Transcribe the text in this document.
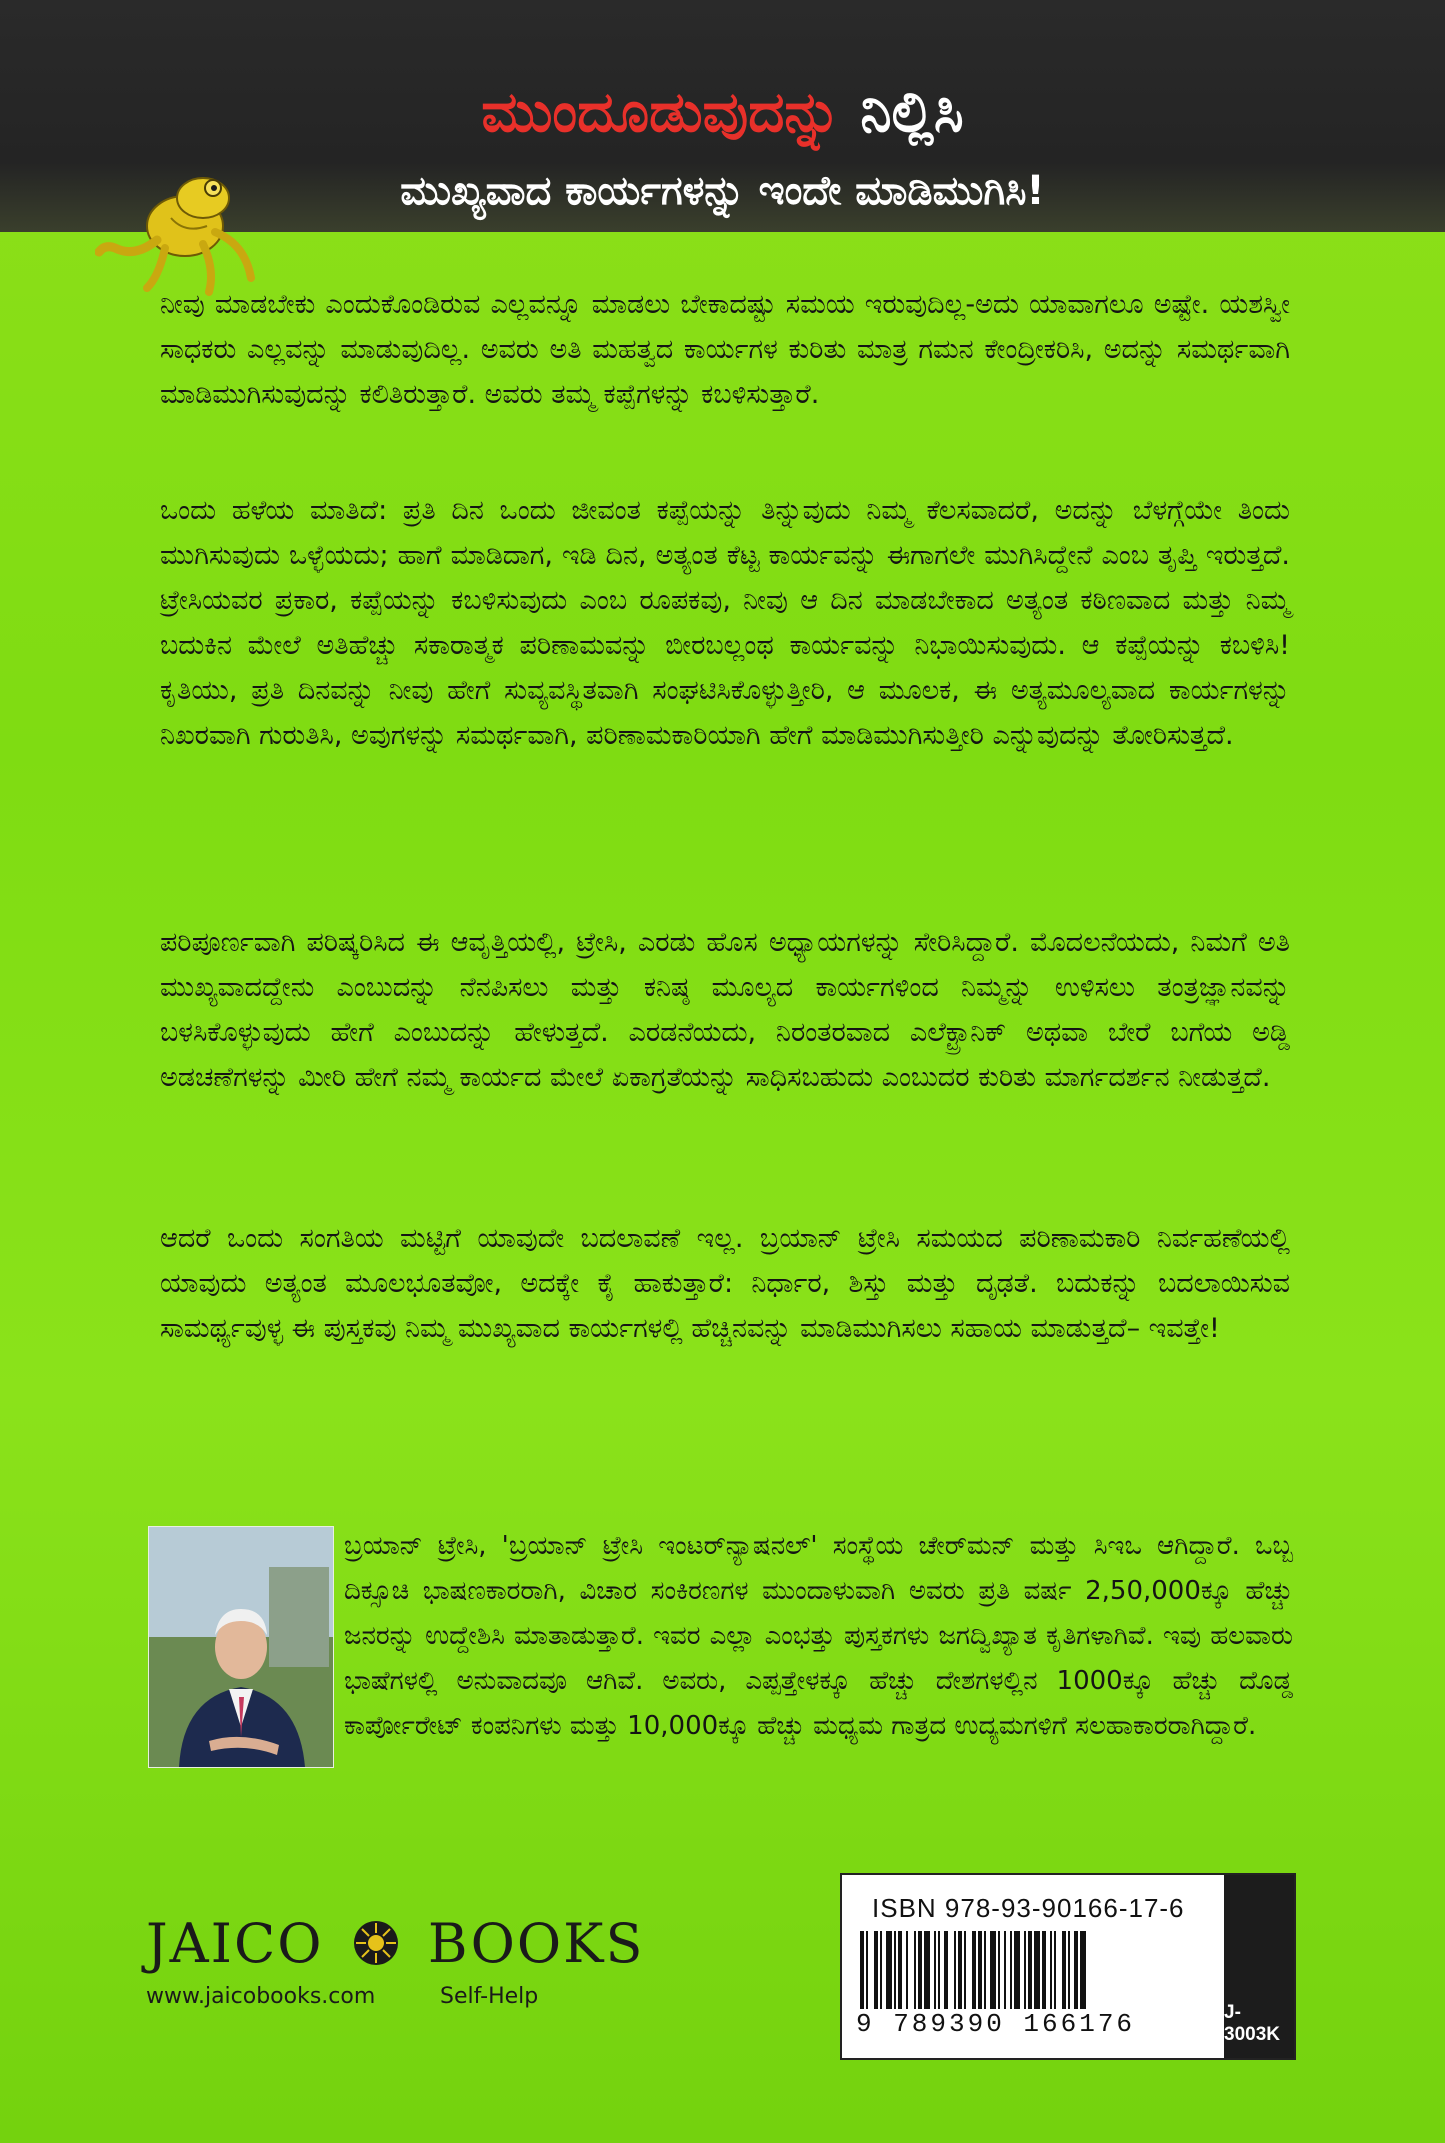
ಮುಂದೂಡುವುದನ್ನು ನಿಲ್ಲಿಸಿ
ಮುಖ್ಯವಾದ ಕಾರ್ಯಗಳನ್ನು ಇಂದೇ ಮಾಡಿಮುಗಿಸಿ!
ನೀವು ಮಾಡಬೇಕು ಎಂದುಕೊಂಡಿರುವ ಎಲ್ಲವನ್ನೂ ಮಾಡಲು ಬೇಕಾದಷ್ಟು ಸಮಯ ಇರುವುದಿಲ್ಲ-ಅದು ಯಾವಾಗಲೂ ಅಷ್ಟೇ. ಯಶಸ್ವೀ ಸಾಧಕರು ಎಲ್ಲವನ್ನು ಮಾಡುವುದಿಲ್ಲ. ಅವರು ಅತಿ ಮಹತ್ವದ ಕಾರ್ಯಗಳ ಕುರಿತು ಮಾತ್ರ ಗಮನ ಕೇಂದ್ರೀಕರಿಸಿ, ಅದನ್ನು ಸಮರ್ಥವಾಗಿ ಮಾಡಿಮುಗಿಸುವುದನ್ನು ಕಲಿತಿರುತ್ತಾರೆ. ಅವರು ತಮ್ಮ ಕಪ್ಪೆಗಳನ್ನು ಕಬಳಿಸುತ್ತಾರೆ.
ಒಂದು ಹಳೆಯ ಮಾತಿದೆ: ಪ್ರತಿ ದಿನ ಒಂದು ಜೀವಂತ ಕಪ್ಪೆಯನ್ನು ತಿನ್ನುವುದು ನಿಮ್ಮ ಕೆಲಸವಾದರೆ, ಅದನ್ನು ಬೆಳಗ್ಗೆಯೇ ತಿಂದು ಮುಗಿಸುವುದು ಒಳ್ಳೆಯದು; ಹಾಗೆ ಮಾಡಿದಾಗ, ಇಡಿ ದಿನ, ಅತ್ಯಂತ ಕೆಟ್ಟ ಕಾರ್ಯವನ್ನು ಈಗಾಗಲೇ ಮುಗಿಸಿದ್ದೇನೆ ಎಂಬ ತೃಪ್ತಿ ಇರುತ್ತದೆ. ಟ್ರೇಸಿಯವರ ಪ್ರಕಾರ, ಕಪ್ಪೆಯನ್ನು ಕಬಳಿಸುವುದು ಎಂಬ ರೂಪಕವು, ನೀವು ಆ ದಿನ ಮಾಡಬೇಕಾದ ಅತ್ಯಂತ ಕಠಿಣವಾದ ಮತ್ತು ನಿಮ್ಮ ಬದುಕಿನ ಮೇಲೆ ಅತಿಹೆಚ್ಚು ಸಕಾರಾತ್ಮಕ ಪರಿಣಾಮವನ್ನು ಬೀರಬಲ್ಲಂಥ ಕಾರ್ಯವನ್ನು ನಿಭಾಯಿಸುವುದು. ಆ ಕಪ್ಪೆಯನ್ನು ಕಬಳಿಸಿ! ಕೃತಿಯು, ಪ್ರತಿ ದಿನವನ್ನು ನೀವು ಹೇಗೆ ಸುವ್ಯವಸ್ಥಿತವಾಗಿ ಸಂಘಟಿಸಿಕೊಳ್ಳುತ್ತೀರಿ, ಆ ಮೂಲಕ, ಈ ಅತ್ಯಮೂಲ್ಯವಾದ ಕಾರ್ಯಗಳನ್ನು ನಿಖರವಾಗಿ ಗುರುತಿಸಿ, ಅವುಗಳನ್ನು ಸಮರ್ಥವಾಗಿ, ಪರಿಣಾಮಕಾರಿಯಾಗಿ ಹೇಗೆ ಮಾಡಿಮುಗಿಸುತ್ತೀರಿ ಎನ್ನುವುದನ್ನು ತೋರಿಸುತ್ತದೆ.
ಪರಿಪೂರ್ಣವಾಗಿ ಪರಿಷ್ಕರಿಸಿದ ಈ ಆವೃತ್ತಿಯಲ್ಲಿ, ಟ್ರೇಸಿ, ಎರಡು ಹೊಸ ಅಧ್ಯಾಯಗಳನ್ನು ಸೇರಿಸಿದ್ದಾರೆ. ಮೊದಲನೆಯದು, ನಿಮಗೆ ಅತಿ ಮುಖ್ಯವಾದದ್ದೇನು ಎಂಬುದನ್ನು ನೆನಪಿಸಲು ಮತ್ತು ಕನಿಷ್ಠ ಮೂಲ್ಯದ ಕಾರ್ಯಗಳಿಂದ ನಿಮ್ಮನ್ನು ಉಳಿಸಲು ತಂತ್ರಜ್ಞಾನವನ್ನು ಬಳಸಿಕೊಳ್ಳುವುದು ಹೇಗೆ ಎಂಬುದನ್ನು ಹೇಳುತ್ತದೆ. ಎರಡನೆಯದು, ನಿರಂತರವಾದ ಎಲೆಕ್ಟ್ರಾನಿಕ್ ಅಥವಾ ಬೇರೆ ಬಗೆಯ ಅಡ್ಡಿ ಅಡಚಣೆಗಳನ್ನು ಮೀರಿ ಹೇಗೆ ನಮ್ಮ ಕಾರ್ಯದ ಮೇಲೆ ಏಕಾಗ್ರತೆಯನ್ನು ಸಾಧಿಸಬಹುದು ಎಂಬುದರ ಕುರಿತು ಮಾರ್ಗದರ್ಶನ ನೀಡುತ್ತದೆ.
ಆದರೆ ಒಂದು ಸಂಗತಿಯ ಮಟ್ಟಿಗೆ ಯಾವುದೇ ಬದಲಾವಣೆ ಇಲ್ಲ. ಬ್ರಯಾನ್ ಟ್ರೇಸಿ ಸಮಯದ ಪರಿಣಾಮಕಾರಿ ನಿರ್ವಹಣೆಯಲ್ಲಿ ಯಾವುದು ಅತ್ಯಂತ ಮೂಲಭೂತವೋ, ಅದಕ್ಕೇ ಕೈ ಹಾಕುತ್ತಾರೆ: ನಿರ್ಧಾರ, ಶಿಸ್ತು ಮತ್ತು ದೃಢತೆ. ಬದುಕನ್ನು ಬದಲಾಯಿಸುವ ಸಾಮರ್ಥ್ಯವುಳ್ಳ ಈ ಪುಸ್ತಕವು ನಿಮ್ಮ ಮುಖ್ಯವಾದ ಕಾರ್ಯಗಳಲ್ಲಿ ಹೆಚ್ಚಿನವನ್ನು ಮಾಡಿಮುಗಿಸಲು ಸಹಾಯ ಮಾಡುತ್ತದೆ– ಇವತ್ತೇ!
ಬ್ರಯಾನ್ ಟ್ರೇಸಿ, 'ಬ್ರಯಾನ್ ಟ್ರೇಸಿ ಇಂಟರ್‌ನ್ಯಾಷನಲ್' ಸಂಸ್ಥೆಯ ಚೇರ್‌ಮನ್ ಮತ್ತು ಸಿಇಒ ಆಗಿದ್ದಾರೆ. ಒಬ್ಬ ದಿಕ್ಸೂಚಿ ಭಾಷಣಕಾರರಾಗಿ, ವಿಚಾರ ಸಂಕಿರಣಗಳ ಮುಂದಾಳುವಾಗಿ ಅವರು ಪ್ರತಿ ವರ್ಷ 2,50,000ಕ್ಕೂ ಹೆಚ್ಚು ಜನರನ್ನು ಉದ್ದೇಶಿಸಿ ಮಾತಾಡುತ್ತಾರೆ. ಇವರ ಎಲ್ಲಾ ಎಂಭತ್ತು ಪುಸ್ತಕಗಳು ಜಗದ್ವಿಖ್ಯಾತ ಕೃತಿಗಳಾಗಿವೆ. ಇವು ಹಲವಾರು ಭಾಷೆಗಳಲ್ಲಿ ಅನುವಾದವೂ ಆಗಿವೆ. ಅವರು, ಎಪ್ಪತ್ತೇಳಕ್ಕೂ ಹೆಚ್ಚು ದೇಶಗಳಲ್ಲಿನ 1000ಕ್ಕೂ ಹೆಚ್ಚು ದೊಡ್ಡ ಕಾರ್ಪೋರೇಟ್ ಕಂಪನಿಗಳು ಮತ್ತು 10,000ಕ್ಕೂ ಹೆಚ್ಚು ಮಧ್ಯಮ ಗಾತ್ರದ ಉದ್ಯಮಗಳಿಗೆ ಸಲಹಾಕಾರರಾಗಿದ್ದಾರೆ.
JAICO BOOKS
www.jaicobooks.com	Self-Help
ISBN 978-93-90166-17-6
9 789390 166176	J-3003K
